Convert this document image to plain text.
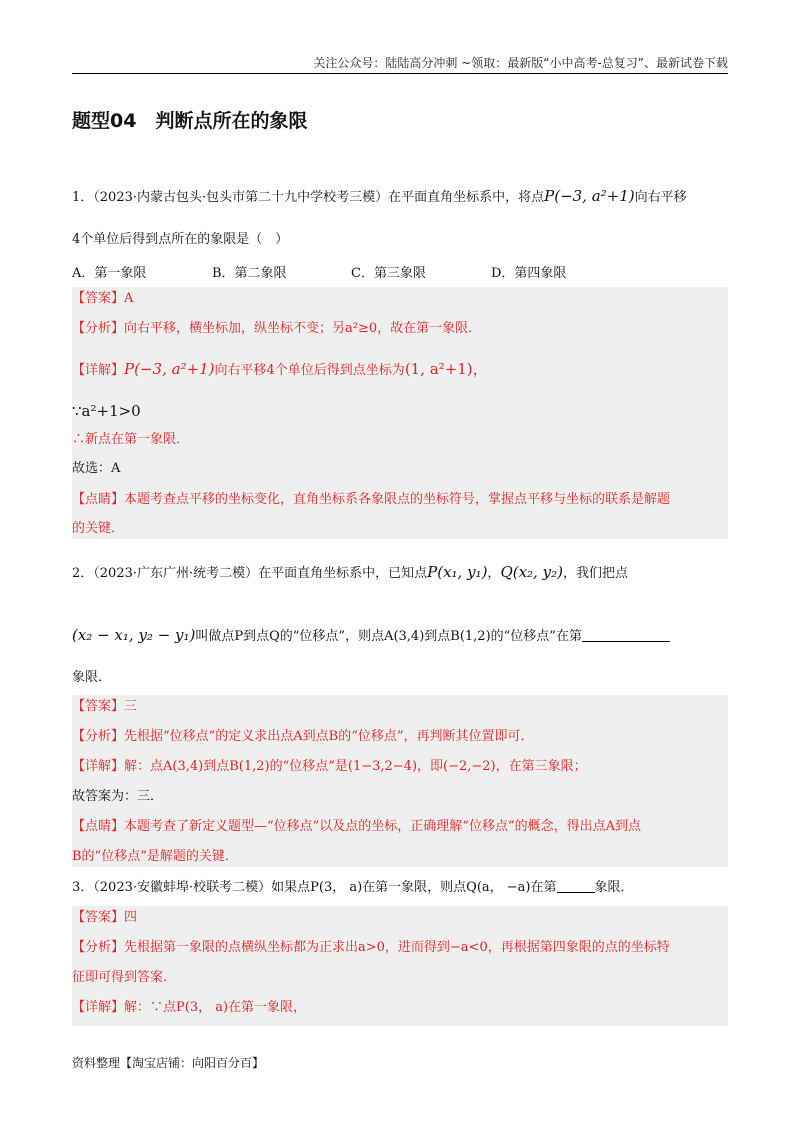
关注公众号：陆陆高分冲刺 ~领取：最新版“小中高考-总复习”、最新试卷下载
题型04　判断点所在的象限
1．（2023·内蒙古包头·包头市第二十九中学校考三模）在平面直角坐标系中，将点P(−3, a²+1)向右平移
4个单位后得到点所在的象限是（　）
A．第一象限	B．第二象限	C．第三象限	D．第四象限
【答案】A
【分析】向右平移，横坐标加，纵坐标不变；另a²≥0，故在第一象限．
【详解】P(−3, a²+1)向右平移4个单位后得到点坐标为(1, a²+1)，
∵a²+1>0
∴新点在第一象限．
故选：A
【点睛】本题考查点平移的坐标变化，直角坐标系各象限点的坐标符号，掌握点平移与坐标的联系是解题
的关键．
2．（2023·广东广州·统考二模）在平面直角坐标系中，已知点P(x₁, y₁)，Q(x₂, y₂)，我们把点
(x₂ − x₁, y₂ − y₁)叫做点P到点Q的“位移点”，则点A(3,4)到点B(1,2)的“位移点”在第
象限．
【答案】三
【分析】先根据“位移点”的定义求出点A到点B的“位移点”，再判断其位置即可．
【详解】解：点A(3,4)到点B(1,2)的“位移点”是(1−3,2−4)，即(−2,−2)，在第三象限；
故答案为：三．
【点睛】本题考查了新定义题型—“位移点”以及点的坐标，正确理解“位移点”的概念，得出点A到点
B的“位移点”是解题的关键．
3．（2023·安徽蚌埠·校联考二模）如果点P(3， a)在第一象限，则点Q(a， −a)在第	象限．
【答案】四
【分析】先根据第一象限的点横纵坐标都为正求出a>0，进而得到−a<0，再根据第四象限的点的坐标特
征即可得到答案．
【详解】解：∵点P(3， a)在第一象限，
资料整理【淘宝店铺：向阳百分百】
